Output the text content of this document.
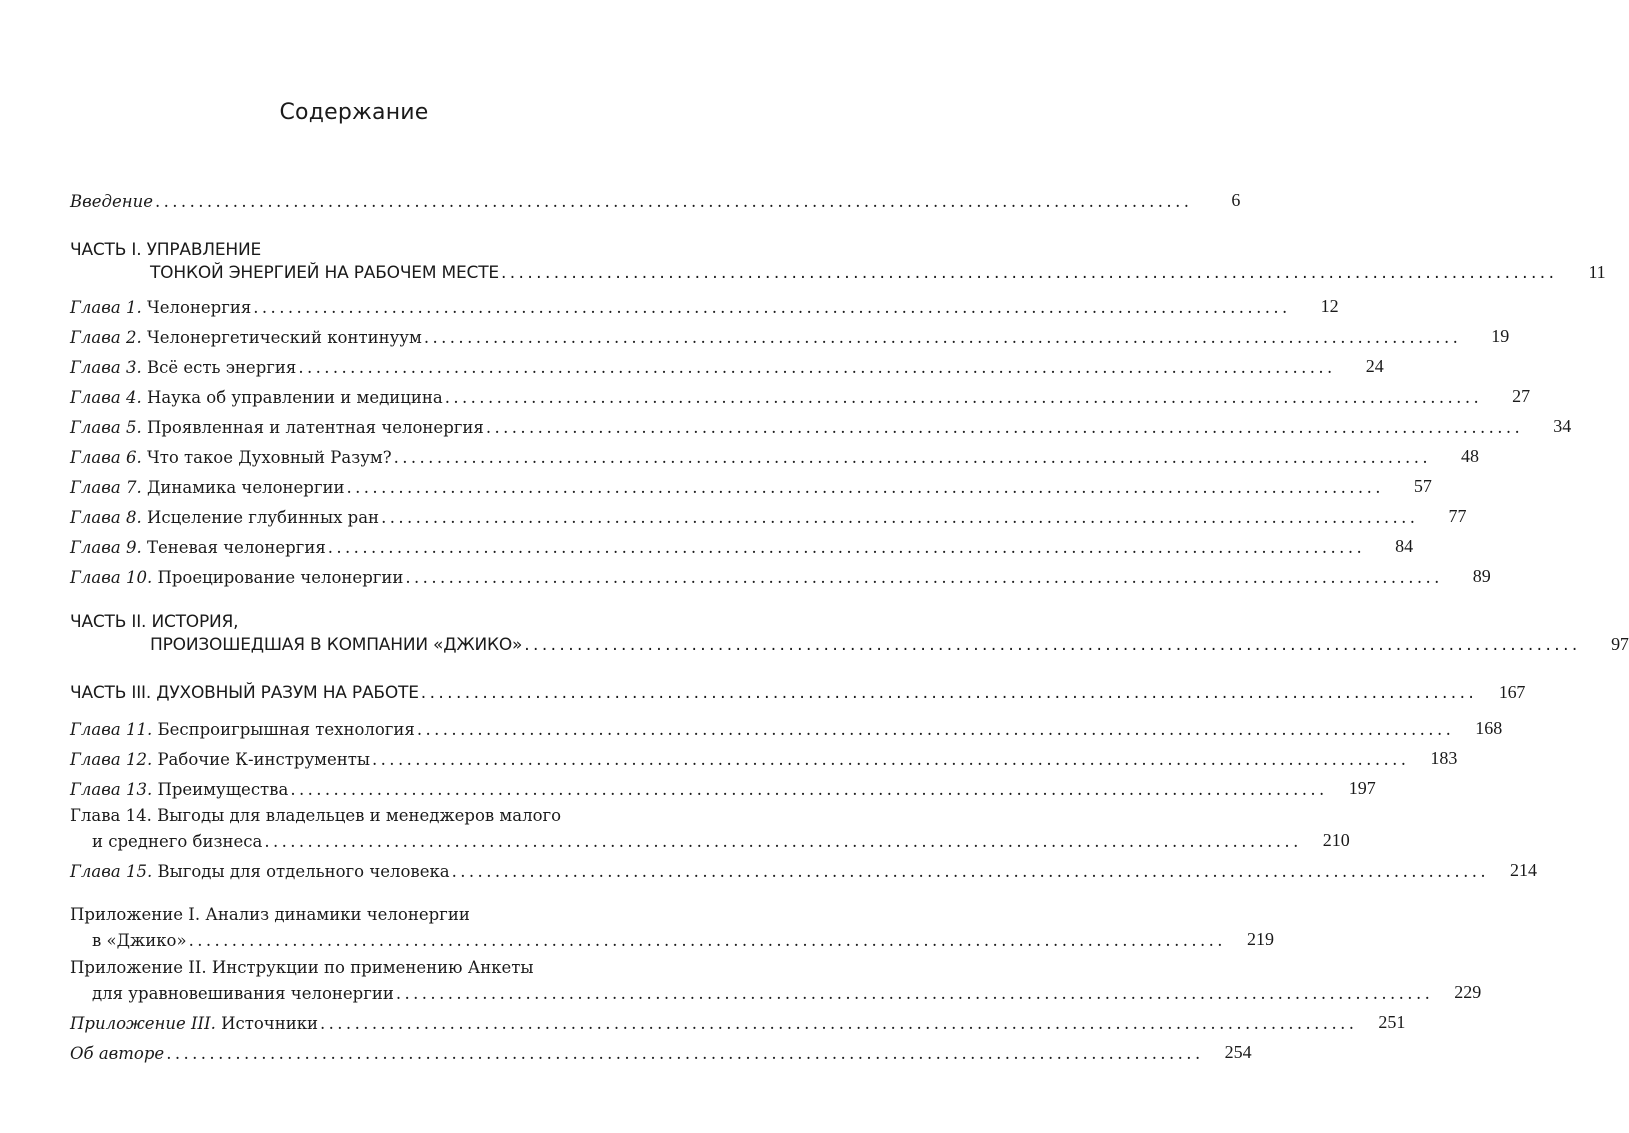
Содержание
Введение ........................................................................................................................	6
ЧАСТЬ I. УПРАВЛЕНИЕ
ТОНКОЙ ЭНЕРГИЕЙ НА РАБОЧЕМ МЕСТЕ ........................................................................................................................	11
Глава 1. Челонергия ........................................................................................................................	12
Глава 2. Челонергетический континуум ........................................................................................................................	19
Глава 3. Всё есть энергия ........................................................................................................................	24
Глава 4. Наука об управлении и медицина ........................................................................................................................	27
Глава 5. Проявленная и латентная челонергия ........................................................................................................................	34
Глава 6. Что такое Духовный Разум? ........................................................................................................................	48
Глава 7. Динамика челонергии ........................................................................................................................	57
Глава 8. Исцеление глубинных ран ........................................................................................................................	77
Глава 9. Теневая челонергия ........................................................................................................................	84
Глава 10. Проецирование челонергии ........................................................................................................................	89
ЧАСТЬ II. ИСТОРИЯ,
ПРОИЗОШЕДШАЯ В КОМПАНИИ «ДЖИКО» ........................................................................................................................	97
ЧАСТЬ III. ДУХОВНЫЙ РАЗУМ НА РАБОТЕ ........................................................................................................................	167
Глава 11. Беспроигрышная технология ........................................................................................................................	168
Глава 12. Рабочие К-инструменты ........................................................................................................................	183
Глава 13. Преимущества ........................................................................................................................	197
Глава 14. Выгоды для владельцев и менеджеров малого
и среднего бизнеса ........................................................................................................................	210
Глава 15. Выгоды для отдельного человека ........................................................................................................................	214
Приложение I. Анализ динамики челонергии
в «Джико» ........................................................................................................................	219
Приложение II. Инструкции по применению Анкеты
для уравновешивания челонергии ........................................................................................................................	229
Приложение III. Источники ........................................................................................................................	251
Об авторе ........................................................................................................................	254
